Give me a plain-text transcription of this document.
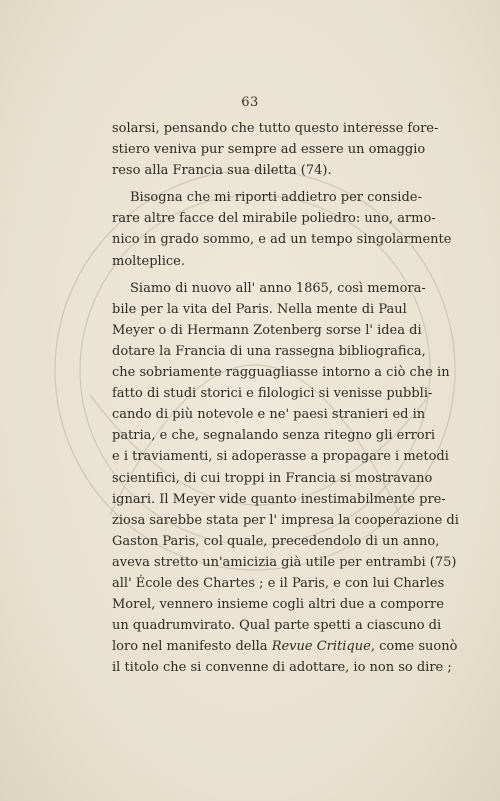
63

solarsi, pensando che tutto questo interesse fore-
stiero veniva pur sempre ad essere un omaggio
reso alla Francia sua diletta (74).

Bisogna che mi riporti addietro per conside-
rare altre facce del mirabile poliedro: uno, armo-
nico in grado sommo, e ad un tempo singolarmente
molteplice.

Siamo di nuovo all' anno 1865, così memora-
bile per la vita del Paris. Nella mente di Paul
Meyer o di Hermann Zotenberg sorse l' idea di
dotare la Francia di una rassegna bibliografica,
che sobriamente ragguagliasse intorno a ciò che in
fatto di studi storici e filologici si venisse pubbli-
cando di più notevole e ne' paesi stranieri ed in
patria, e che, segnalando senza ritegno gli errori
e i traviamenti, si adoperasse a propagare i metodi
scientifici, di cui troppi in Francia si mostravano
ignari. Il Meyer vide quanto inestimabilmente pre-
ziosa sarebbe stata per l' impresa la cooperazione di
Gaston Paris, col quale, precedendolo di un anno,
aveva stretto un'amicizia già utile per entrambi (75)
all' École des Chartes ; e il Paris, e con lui Charles
Morel, vennero insieme cogli altri due a comporre
un quadrumvirato. Qual parte spetti a ciascuno di
loro nel manifesto della Revue Critique, come suonò
il titolo che si convenne di adottare, io non so dire ;
